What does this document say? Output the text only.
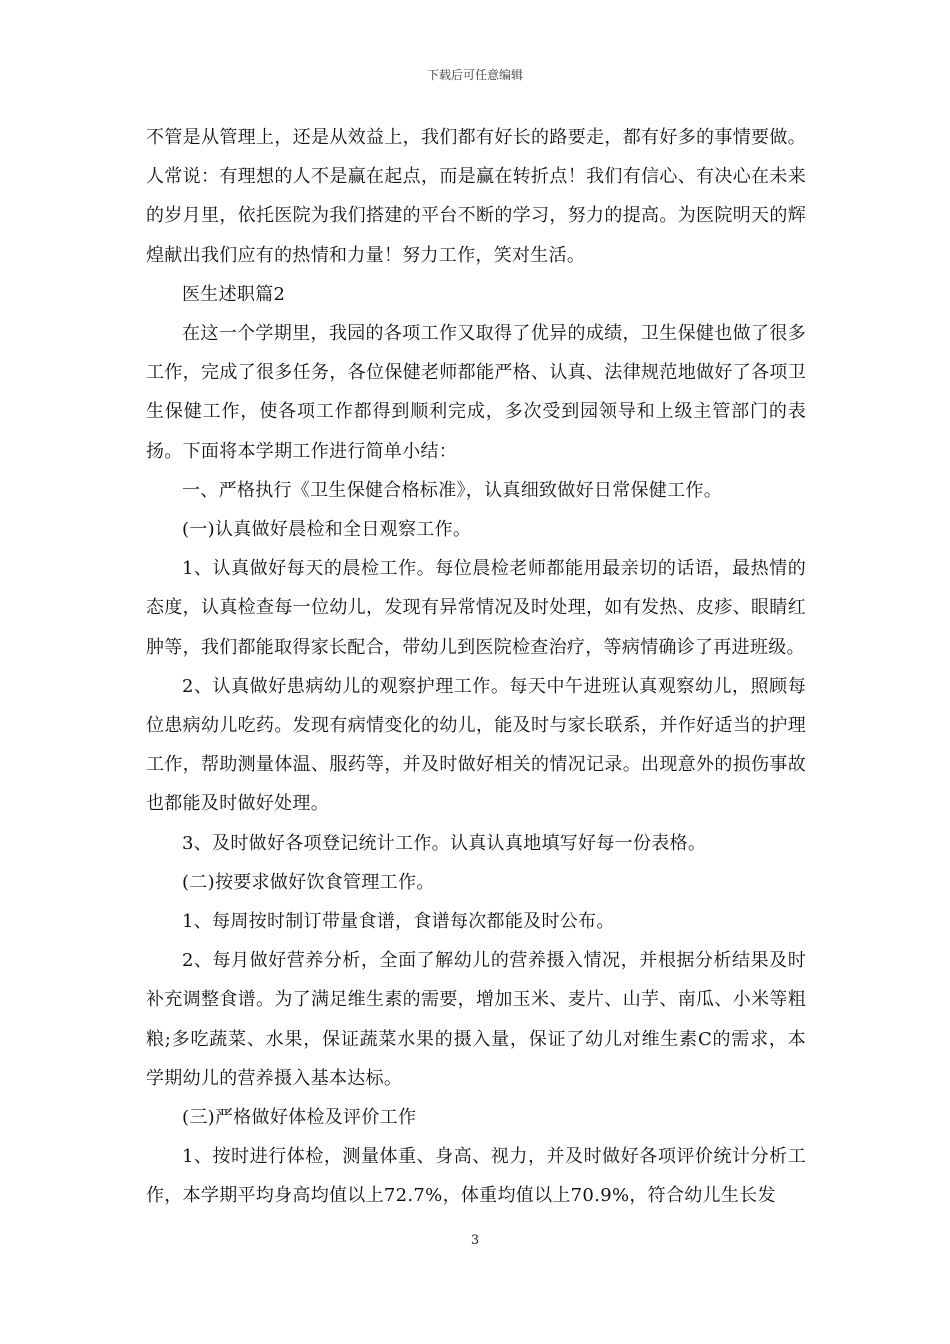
下载后可任意编辑

不管是从管理上，还是从效益上，我们都有好长的路要走，都有好多的事情要做。人常说：有理想的人不是赢在起点，而是赢在转折点！我们有信心、有决心在未来的岁月里，依托医院为我们搭建的平台不断的学习，努力的提高。为医院明天的辉煌献出我们应有的热情和力量！努力工作，笑对生活。

医生述职篇2

在这一个学期里，我园的各项工作又取得了优异的成绩，卫生保健也做了很多工作，完成了很多任务，各位保健老师都能严格、认真、法律规范地做好了各项卫生保健工作，使各项工作都得到顺利完成，多次受到园领导和上级主管部门的表扬。下面将本学期工作进行简单小结：

一、严格执行《卫生保健合格标准》，认真细致做好日常保健工作。

(一)认真做好晨检和全日观察工作。

1、认真做好每天的晨检工作。每位晨检老师都能用最亲切的话语，最热情的态度，认真检查每一位幼儿，发现有异常情况及时处理，如有发热、皮疹、眼睛红肿等，我们都能取得家长配合，带幼儿到医院检查治疗，等病情确诊了再进班级。

2、认真做好患病幼儿的观察护理工作。每天中午进班认真观察幼儿，照顾每位患病幼儿吃药。发现有病情变化的幼儿，能及时与家长联系，并作好适当的护理工作，帮助测量体温、服药等，并及时做好相关的情况记录。出现意外的损伤事故也都能及时做好处理。

3、及时做好各项登记统计工作。认真认真地填写好每一份表格。

(二)按要求做好饮食管理工作。

1、每周按时制订带量食谱，食谱每次都能及时公布。

2、每月做好营养分析，全面了解幼儿的营养摄入情况，并根据分析结果及时补充调整食谱。为了满足维生素的需要，增加玉米、麦片、山芋、南瓜、小米等粗粮;多吃蔬菜、水果，保证蔬菜水果的摄入量，保证了幼儿对维生素C的需求，本学期幼儿的营养摄入基本达标。

(三)严格做好体检及评价工作

1、按时进行体检，测量体重、身高、视力，并及时做好各项评价统计分析工作，本学期平均身高均值以上72.7%，体重均值以上70.9%，符合幼儿生长发

3
